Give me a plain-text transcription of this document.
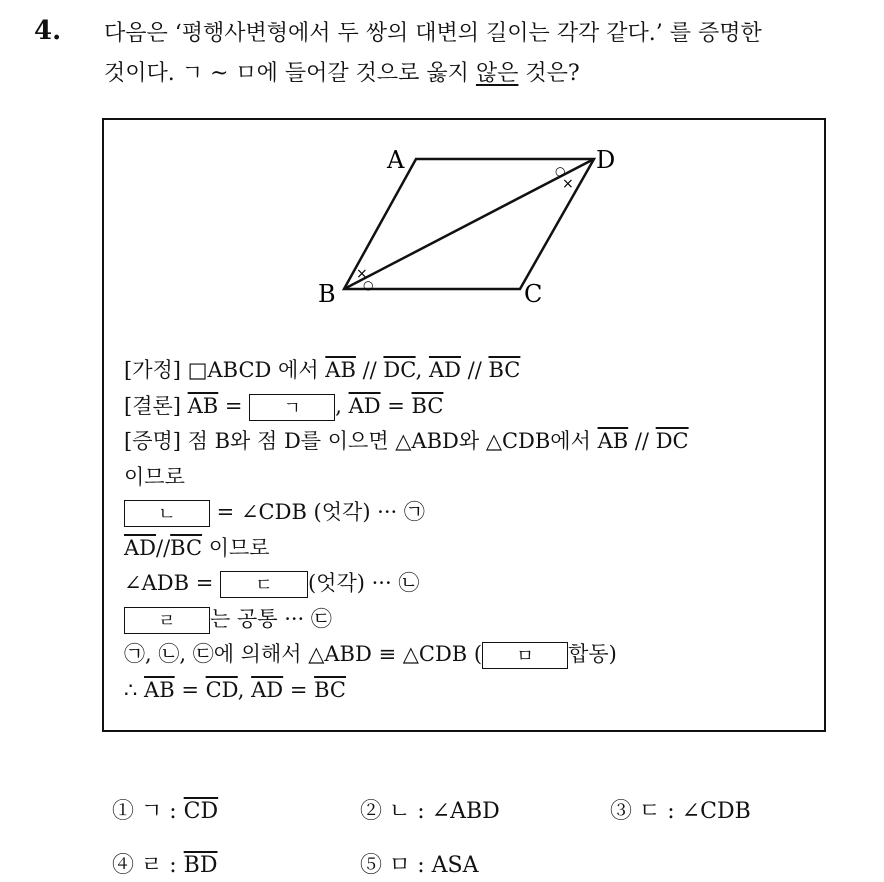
4. 다음은 ‘평행사변형에서 두 쌍의 대변의 길이는 각각 같다.’ 를 증명한
것이다. ㄱ ~ ㅁ에 들어갈 것으로 옳지 않은 것은?
A	D
B	C
○
×
×
○
[가정] □ABCD 에서 $\overline{AB} // \overline{DC}$, $\overline{AD} // \overline{BC}$
[결론] $\overline{AB}$ = ㄱ , $\overline{AD} = \overline{BC}$
[증명] 점 B와 점 D를 이으면 △ABD와 △CDB에서 $\overline{AB} // \overline{DC}$
이므로
ㄴ = ∠CDB (엇각) ··· ㉠
$\overline{AD}//\overline{BC}$ 이므로
∠ADB = ㄷ (엇각) ··· ㉡
ㄹ 는 공통 ··· ㉢
㉠, ㉡, ㉢에 의해서 △ABD ≡ △CDB ( ㅁ 합동)
∴ $\overline{AB} = \overline{CD}$, $\overline{AD} = \overline{BC}$
① ㄱ : $\overline{CD}$	② ㄴ : ∠ABD	③ ㄷ : ∠CDB
④ ㄹ : $\overline{BD}$	⑤ ㅁ : ASA
